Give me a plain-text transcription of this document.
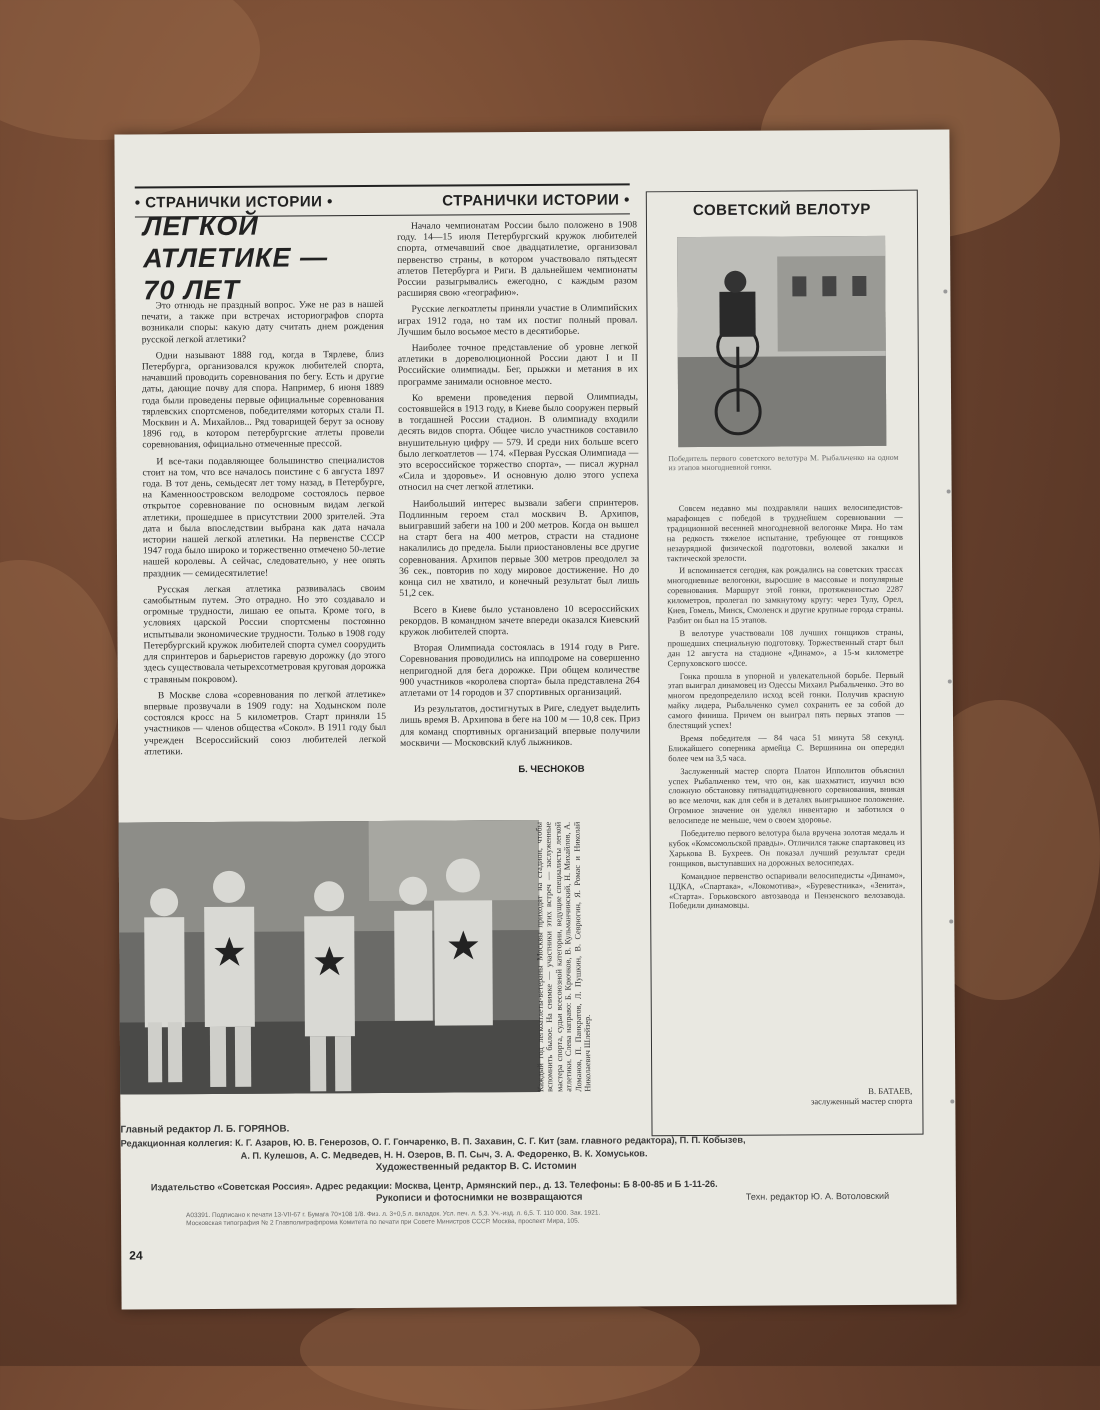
• СТРАНИЧКИ ИСТОРИИ •	СТРАНИЧКИ ИСТОРИИ •
ЛЕГКОЙ
АТЛЕТИКЕ —
70 ЛЕТ

Это отнюдь не праздный вопрос. Уже не раз в нашей печати, а также при встречах историографов спорта возникали споры: какую дату считать днем рождения русской легкой атлетики?

Одни называют 1888 год, когда в Тярлеве, близ Петербурга, организовался кружок любителей спорта, начавший проводить соревнования по бегу. Есть и другие даты, дающие почву для спора. Например, 6 июня 1889 года были проведены первые официальные соревнования тярлевских спортсменов, победителями которых стали П. Москвин и А. Михайлов... Ряд товарищей берут за основу 1896 год, в котором петербургские атлеты провели соревнования, официально отмеченные прессой.

И все-таки подавляющее большинство специалистов стоит на том, что все началось поистине с 6 августа 1897 года. В тот день, семьдесят лет тому назад, в Петербурге, на Каменноостровском велодроме состоялось первое открытое соревнование по основным видам легкой атлетики, прошедшее в присутствии 2000 зрителей. Эта дата и была впоследствии выбрана как дата начала истории нашей легкой атлетики. На первенстве СССР 1947 года было широко и торжественно отмечено 50-летие нашей королевы. А сейчас, следовательно, у нее опять праздник — семидесятилетие!

Русская легкая атлетика развивалась своим самобытным путем. Это отрадно. Но это создавало и огромные трудности, лишаю ее опыта. Кроме того, в условиях царской России спортсмены постоянно испытывали экономические трудности. Только в 1908 году Петербургский кружок любителей спорта сумел соорудить для спринтеров и барьеристов гаревую дорожку (до этого здесь существовала четырехсотметровая круговая дорожка с травяным покровом).

В Москве слова «соревнования по легкой атлетике» впервые прозвучали в 1909 году: на Ходынском поле состоялся кросс на 5 километров. Старт приняли 15 участников — членов общества «Сокол». В 1911 году был учрежден Всероссийский союз любителей легкой атлетики.

Начало чемпионатам России было положено в 1908 году. 14—15 июля Петербургский кружок любителей спорта, отмечавший свое двадцатилетие, организовал первенство страны, в котором участвовало пятьдесят атлетов Петербурга и Риги. В дальнейшем чемпионаты России разыгрывались ежегодно, с каждым разом расширяя свою «географию».

Русские легкоатлеты приняли участие в Олимпийских играх 1912 года, но там их постиг полный провал. Лучшим было восьмое место в десятиборье.

Наиболее точное представление об уровне легкой атлетики в дореволюционной России дают I и II Российские олимпиады. Бег, прыжки и метания в их программе занимали основное место.

Ко времени проведения первой Олимпиады, состоявшейся в 1913 году, в Киеве было сооружен первый в тогдашней России стадион. В олимпиаду входили десять видов спорта. Общее число участников составило внушительную цифру — 579. И среди них больше всего было легкоатлетов — 174. «Первая Русская Олимпиада — это всероссийское торжество спорта», — писал журнал «Сила и здоровье». И основную долю этого успеха относил на счет легкой атлетики.

Наибольший интерес вызвали забеги спринтеров. Подлинным героем стал москвич В. Архипов, выигравший забеги на 100 и 200 метров. Когда он вышел на старт бега на 400 метров, страсти на стадионе накалились до предела. Были приостановлены все другие соревнования. Архипов первые 300 метров преодолел за 36 сек., повторив по ходу мировое достижение. Но до конца сил не хватило, и конечный результат был лишь 51,2 сек.

Всего в Киеве было установлено 10 всероссийских рекордов. В командном зачете впереди оказался Киевский кружок любителей спорта.

Вторая Олимпиада состоялась в 1914 году в Риге. Соревнования проводились на ипподроме на совершенно непригодной для бега дорожке. При общем количестве 900 участников «королева спорта» была представлена 264 атлетами от 14 городов и 37 спортивных организаций.

Из результатов, достигнутых в Риге, следует выделить лишь время В. Архипова в беге на 100 м — 10,8 сек. Приз для команд спортивных организаций впервые получили москвичи — Московский клуб лыжников.

Б. ЧЕСНОКОВ
Каждый год легкоатлеты-ветераны Москвы приходят на стадион, чтобы вспомнить былое. На снимке — участники этих встреч — заслуженные мастера спорта, судьи всесоюзной категории, ведущие специалисты легкой атлетики. Слева направо: Б. Крючков, В. Кульманчинский, Н. Михайлов, А. Ломанов, П. Панкратов, Л. Пушкин, В. Севрюгин, Я. Ромас и Николай Николаевич Шлейзер.
СОВЕТСКИЙ ВЕЛОТУР
Победитель первого советского велотура М. Рыбальченко на одном из этапов многодневной гонки.

Совсем недавно мы поздравляли наших велосипедистов-марафонцев с победой в труднейшем соревновании — традиционной весенней многодневной велогонке Мира. Но там на редкость тяжелое испытание, требующее от гонщиков незаурядной физической подготовки, волевой закалки и тактической зрелости.

И вспоминается сегодня, как рождались на советских трассах многодневные велогонки, выросшие в массовые и популярные соревнования. Маршрут этой гонки, протяженностью 2287 километров, пролегал по замкнутому кругу: через Тулу, Орел, Киев, Гомель, Минск, Смоленск и другие крупные города страны. Разбит он был на 15 этапов.

В велотуре участвовали 108 лучших гонщиков страны, прошедших специальную подготовку. Торжественный старт был дан 12 августа на стадионе «Динамо», а 15-м километре Серпуховского шоссе.

Гонка прошла в упорной и увлекательной борьбе. Первый этап выиграл динамовец из Одессы Михаил Рыбальченко. Это во многом предопределило исход всей гонки. Получив красную майку лидера, Рыбальченко сумел сохранить ее за собой до самого финиша. Причем он выиграл пять первых этапов — блестящий успех!

Время победителя — 84 часа 51 минута 58 секунд. Ближайшего соперника армейца С. Вершинина он опередил более чем на 3,5 часа.

Заслуженный мастер спорта Платон Ипполитов объяснил успех Рыбальченко тем, что он, как шахматист, изучил всю сложную обстановку пятнадцатидневного соревнования, вникая во все мелочи, как для себя и в деталях выигрышное положение. Огромное значение он уделял инвентарю и заботился о велосипеде не меньше, чем о своем здоровье.

Победителю первого велотура была вручена золотая медаль и кубок «Комсомольской правды». Отличился также спартаковец из Харькова В. Бухреев. Он показал лучший результат среди гонщиков, выступавших на дорожных велосипедах.

Командное первенство оспаривали велосипедисты «Динамо», ЦДКА, «Спартака», «Локомотива», «Буревестника», «Зенита», «Старта». Горьковского автозавода и Пензенского велозавода. Победили динамовцы.

В. БАТАЕВ,
заслуженный мастер спорта
Главный редактор Л. Б. ГОРЯНОВ.
Редакционная коллегия: К. Г. Азаров, Ю. В. Генерозов, О. Г. Гончаренко, В. П. Захавин, С. Г. Кит (зам. главного редактора), П. П. Кобызев,
А. П. Кулешов, А. С. Медведев, Н. Н. Озеров, В. П. Сыч, З. А. Федоренко, В. К. Хомуськов.
Художественный редактор В. С. Истомин
Издательство «Советская Россия». Адрес редакции: Москва, Центр, Армянский пер., д. 13. Телефоны: Б 8-00-85 и Б 1-11-26.
Рукописи и фотоснимки не возвращаются	Техн. редактор Ю. А. Вотоловский
А03391. Подписано к печати 13-VII-67 г. Бумага 70×108 1/8. Физ. л. 3+0,5 л. вкладок. Усл. печ. л. 5,3. Уч.-изд. л. 6,5. Т. 110 000. Зак. 1921.
Московская типография № 2 Главполиграфпрома Комитета по печати при Совете Министров СССР. Москва, проспект Мира, 105.
24
